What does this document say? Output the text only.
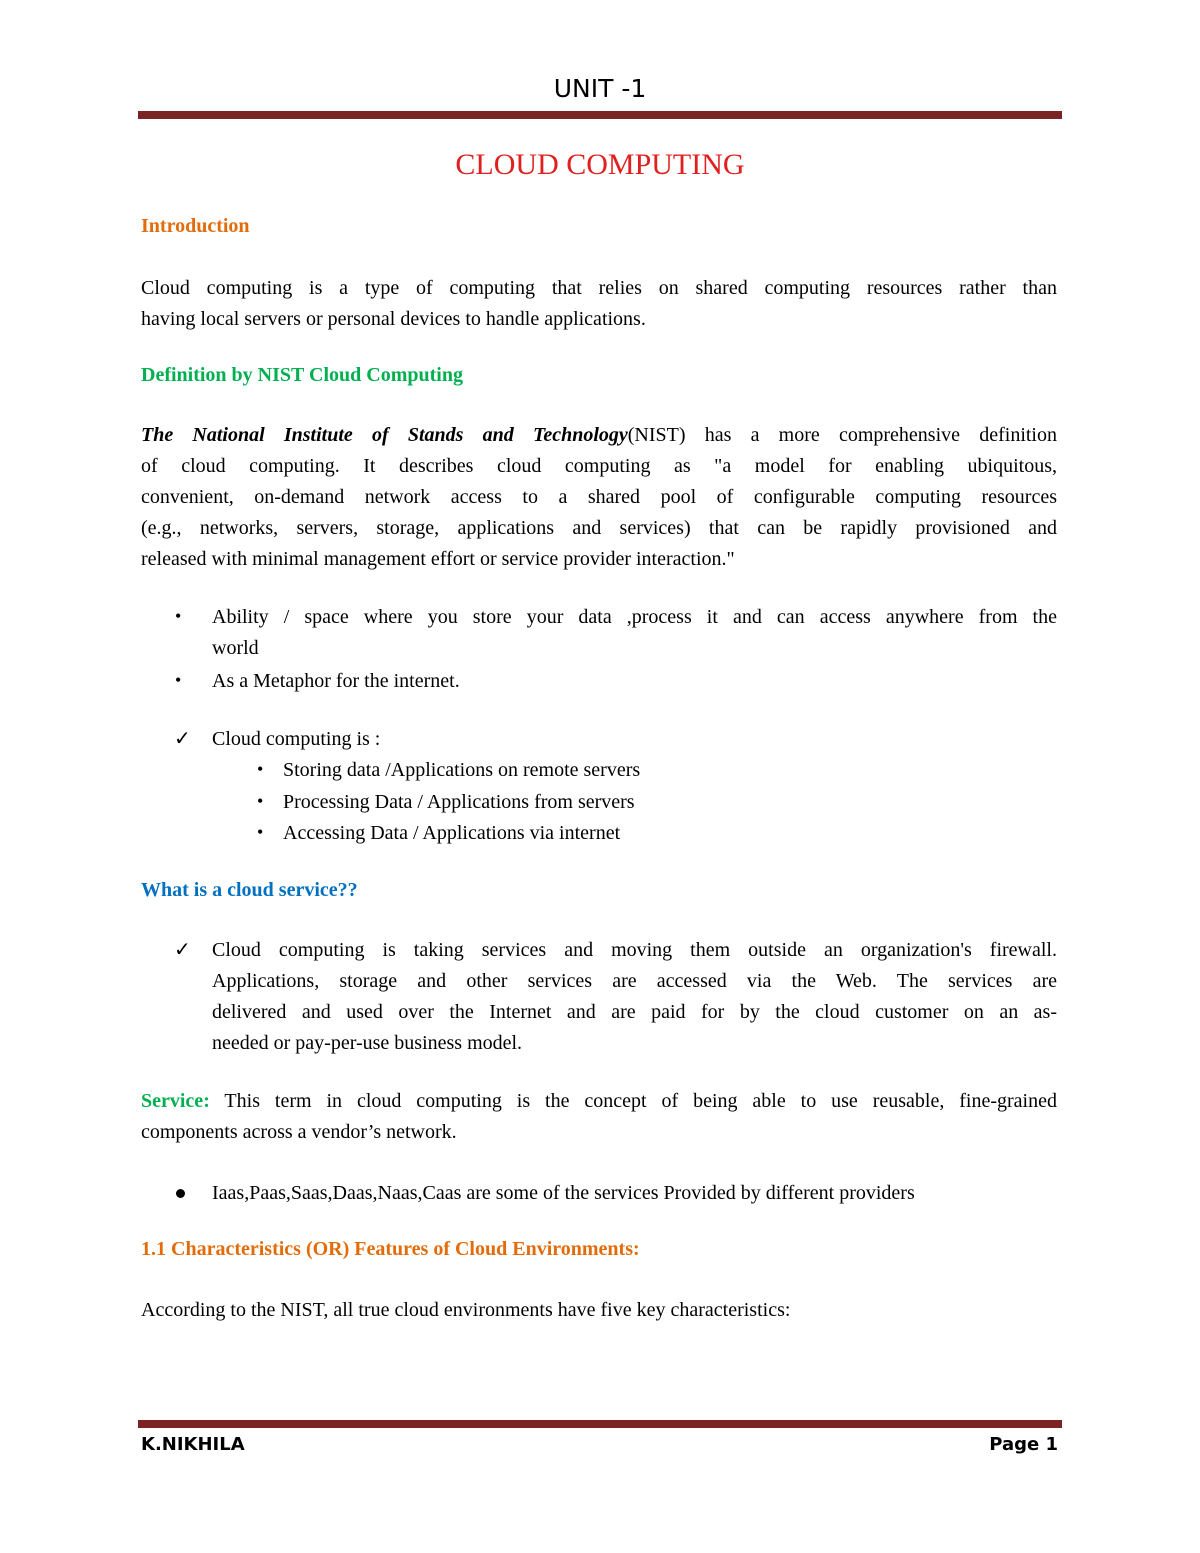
UNIT -1
CLOUD COMPUTING
Introduction
Cloud computing is a type of computing that relies on shared computing resources rather than
having local servers or personal devices to handle applications.
Definition by NIST Cloud Computing
The National Institute of Stands and Technology(NIST) has a more comprehensive definition
of cloud computing. It describes cloud computing as "a model for enabling ubiquitous,
convenient, on-demand network access to a shared pool of configurable computing resources
(e.g., networks, servers, storage, applications and services) that can be rapidly provisioned and
released with minimal management effort or service provider interaction."
• Ability / space where you store your data ,process it and can access anywhere from the
world
• As a Metaphor for the internet.
✓ Cloud computing is :
• Storing data /Applications on remote servers
• Processing Data / Applications from servers
• Accessing Data / Applications via internet
What is a cloud service??
✓ Cloud computing is taking services and moving them outside an organization's firewall.
Applications, storage and other services are accessed via the Web. The services are
delivered and used over the Internet and are paid for by the cloud customer on an as-
needed or pay-per-use business model.
Service: This term in cloud computing is the concept of being able to use reusable, fine-grained
components across a vendor’s network.
Iaas,Paas,Saas,Daas,Naas,Caas are some of the services Provided by different providers
1.1 Characteristics (OR) Features of Cloud Environments:
According to the NIST, all true cloud environments have five key characteristics:
K.NIKHILA	Page 1
